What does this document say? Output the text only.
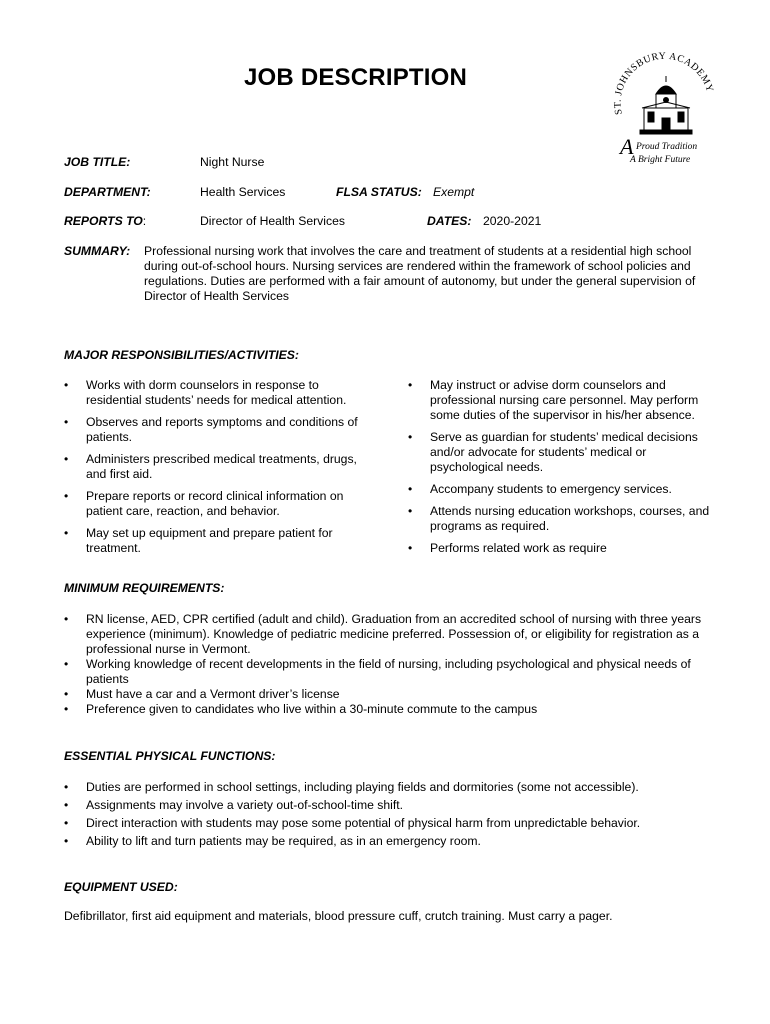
JOB DESCRIPTION
ST. JOHNSBURY ACADEMY
A Proud Tradition
A Bright Future
JOB TITLE:	Night Nurse
DEPARTMENT:	Health Services	FLSA STATUS: Exempt
REPORTS TO:	Director of Health Services	DATES: 2020-2021
SUMMARY: Professional nursing work that involves the care and treatment of students at a residential high school during out-of-school hours. Nursing services are rendered within the framework of school policies and regulations. Duties are performed with a fair amount of autonomy, but under the general supervision of Director of Health Services
MAJOR RESPONSIBILITIES/ACTIVITIES:
• Works with dorm counselors in response to residential students’ needs for medical attention.
• Observes and reports symptoms and conditions of patients.
• Administers prescribed medical treatments, drugs, and first aid.
• Prepare reports or record clinical information on patient care, reaction, and behavior.
• May set up equipment and prepare patient for treatment.
• May instruct or advise dorm counselors and professional nursing care personnel. May perform some duties of the supervisor in his/her absence.
• Serve as guardian for students’ medical decisions and/or advocate for students’ medical or psychological needs.
• Accompany students to emergency services.
• Attends nursing education workshops, courses, and programs as required.
• Performs related work as require
MINIMUM REQUIREMENTS:
• RN license, AED, CPR certified (adult and child). Graduation from an accredited school of nursing with three years experience (minimum). Knowledge of pediatric medicine preferred. Possession of, or eligibility for registration as a professional nurse in Vermont.
• Working knowledge of recent developments in the field of nursing, including psychological and physical needs of patients
• Must have a car and a Vermont driver’s license
• Preference given to candidates who live within a 30-minute commute to the campus
ESSENTIAL PHYSICAL FUNCTIONS:
• Duties are performed in school settings, including playing fields and dormitories (some not accessible).
• Assignments may involve a variety out-of-school-time shift.
• Direct interaction with students may pose some potential of physical harm from unpredictable behavior.
• Ability to lift and turn patients may be required, as in an emergency room.
EQUIPMENT USED:
Defibrillator, first aid equipment and materials, blood pressure cuff, crutch training. Must carry a pager.
